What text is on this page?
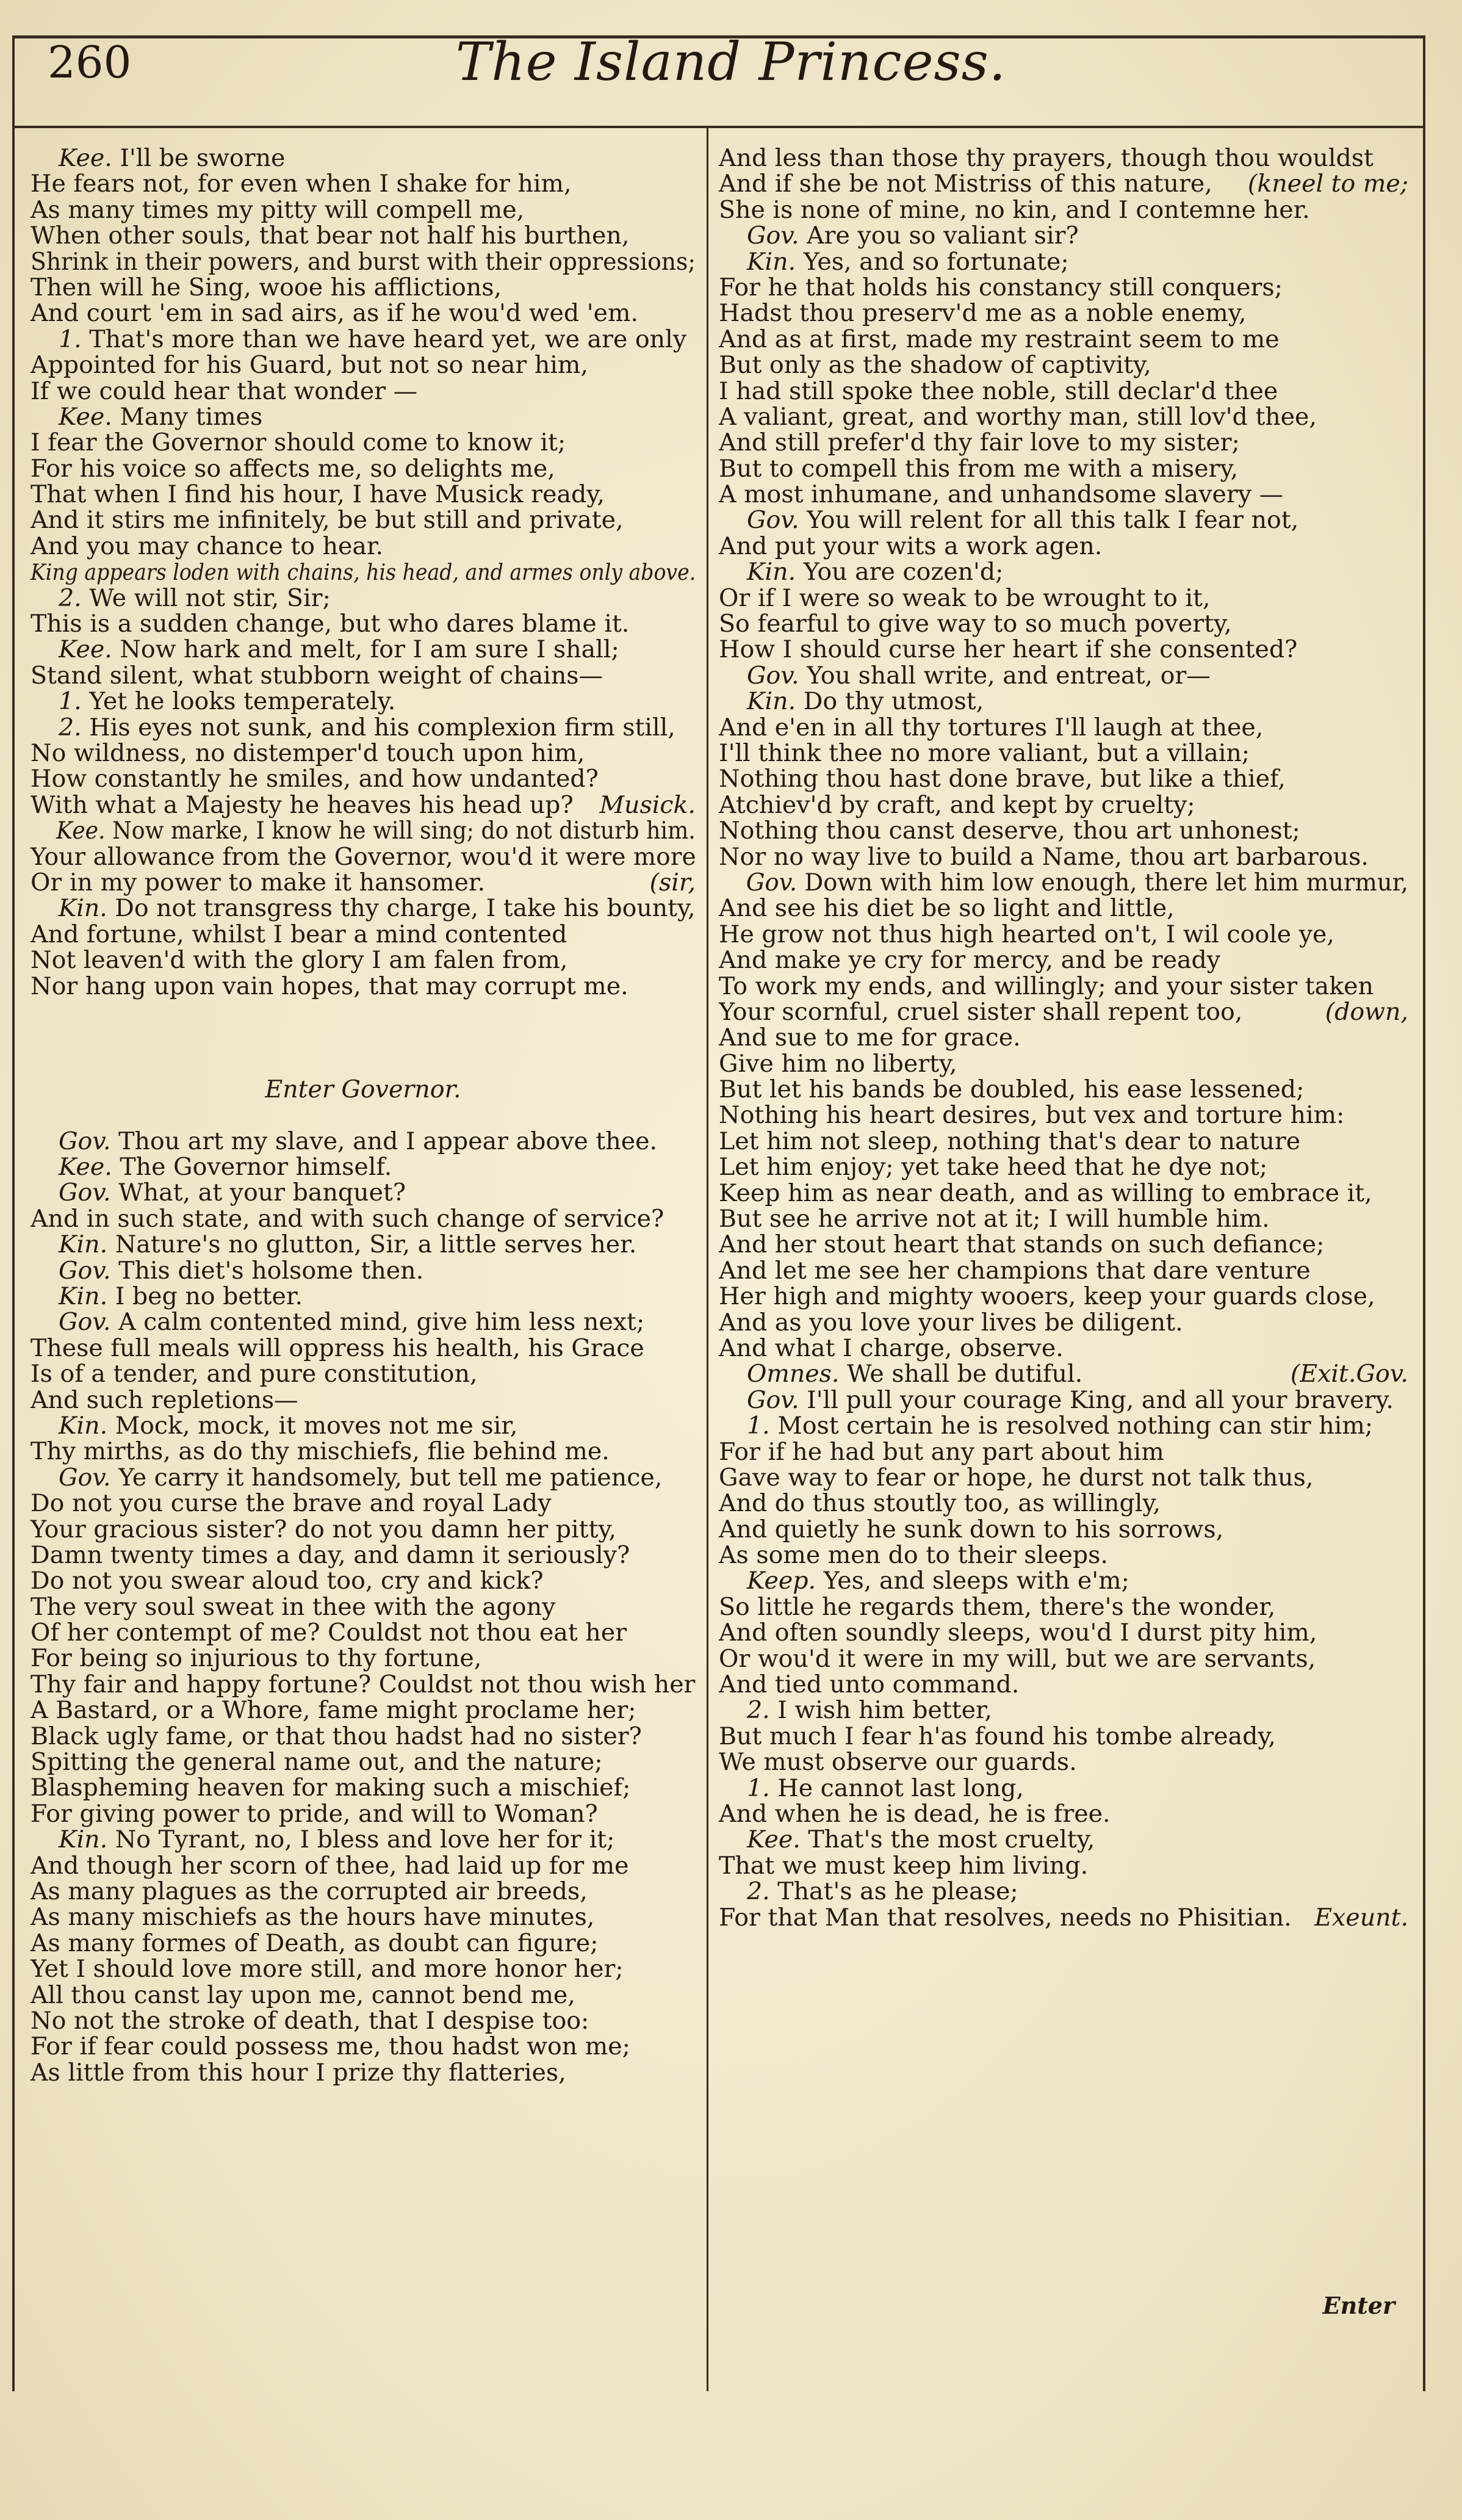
260	The Island Princess.
Kee. I'll be sworne
He fears not, for even when I shake for him,
As many times my pitty will compell me,
When other souls, that bear not half his burthen,
Shrink in their powers, and burst with their oppressions;
Then will he Sing, wooe his afflictions,
And court 'em in sad airs, as if he wou'd wed 'em.
1. That's more than we have heard yet, we are only
Appointed for his Guard, but not so near him,
If we could hear that wonder —
Kee. Many times
I fear the Governor should come to know it;
For his voice so affects me, so delights me,
That when I find his hour, I have Musick ready,
And it stirs me infinitely, be but still and private,
And you may chance to hear.
King appears loden with chains, his head, and armes only above.
2. We will not stir, Sir;
This is a sudden change, but who dares blame it.
Kee. Now hark and melt, for I am sure I shall;
Stand silent, what stubborn weight of chains—
1. Yet he looks temperately.
2. His eyes not sunk, and his complexion firm still,
No wildness, no distemper'd touch upon him,
How constantly he smiles, and how undanted?
With what a Majesty he heaves his head up? Musick.
Kee. Now marke, I know he will sing; do not disturb him.
Your allowance from the Governor, wou'd it were more
Or in my power to make it hansomer.	(sir,
Kin. Do not transgress thy charge, I take his bounty,
And fortune, whilst I bear a mind contented
Not leaven'd with the glory I am falen from,
Nor hang upon vain hopes, that may corrupt me.
Enter Governor.
Gov. Thou art my slave, and I appear above thee.
Kee. The Governor himself.
Gov. What, at your banquet?
And in such state, and with such change of service?
Kin. Nature's no glutton, Sir, a little serves her.
Gov. This diet's holsome then.
Kin. I beg no better.
Gov. A calm contented mind, give him less next;
These full meals will oppress his health, his Grace
Is of a tender, and pure constitution,
And such repletions—
Kin. Mock, mock, it moves not me sir,
Thy mirths, as do thy mischiefs, flie behind me.
Gov. Ye carry it handsomely, but tell me patience,
Do not you curse the brave and royal Lady
Your gracious sister? do not you damn her pitty,
Damn twenty times a day, and damn it seriously?
Do not you swear aloud too, cry and kick?
The very soul sweat in thee with the agony
Of her contempt of me? Couldst not thou eat her
For being so injurious to thy fortune,
Thy fair and happy fortune? Couldst not thou wish her
A Bastard, or a Whore, fame might proclame her;
Black ugly fame, or that thou hadst had no sister?
Spitting the general name out, and the nature;
Blaspheming heaven for making such a mischief;
For giving power to pride, and will to Woman?
Kin. No Tyrant, no, I bless and love her for it;
And though her scorn of thee, had laid up for me
As many plagues as the corrupted air breeds,
As many mischiefs as the hours have minutes,
As many formes of Death, as doubt can figure;
Yet I should love more still, and more honor her;
All thou canst lay upon me, cannot bend me,
No not the stroke of death, that I despise too:
For if fear could possess me, thou hadst won me;
As little from this hour I prize thy flatteries,
And less than those thy prayers, though thou wouldst
And if she be not Mistriss of this nature, (kneel to me;
She is none of mine, no kin, and I contemne her.
Gov. Are you so valiant sir?
Kin. Yes, and so fortunate;
For he that holds his constancy still conquers;
Hadst thou preserv'd me as a noble enemy,
And as at first, made my restraint seem to me
But only as the shadow of captivity,
I had still spoke thee noble, still declar'd thee
A valiant, great, and worthy man, still lov'd thee,
And still prefer'd thy fair love to my sister;
But to compell this from me with a misery,
A most inhumane, and unhandsome slavery —
Gov. You will relent for all this talk I fear not,
And put your wits a work agen.
Kin. You are cozen'd;
Or if I were so weak to be wrought to it,
So fearful to give way to so much poverty,
How I should curse her heart if she consented?
Gov. You shall write, and entreat, or—
Kin. Do thy utmost,
And e'en in all thy tortures I'll laugh at thee,
I'll think thee no more valiant, but a villain;
Nothing thou hast done brave, but like a thief,
Atchiev'd by craft, and kept by cruelty;
Nothing thou canst deserve, thou art unhonest;
Nor no way live to build a Name, thou art barbarous.
Gov. Down with him low enough, there let him murmur,
And see his diet be so light and little,
He grow not thus high hearted on't, I wil coole ye,
And make ye cry for mercy, and be ready
To work my ends, and willingly; and your sister taken
Your scornful, cruel sister shall repent too,	(down,
And sue to me for grace.
Give him no liberty,
But let his bands be doubled, his ease lessened;
Nothing his heart desires, but vex and torture him:
Let him not sleep, nothing that's dear to nature
Let him enjoy; yet take heed that he dye not;
Keep him as near death, and as willing to embrace it,
But see he arrive not at it; I will humble him.
And her stout heart that stands on such defiance;
And let me see her champions that dare venture
Her high and mighty wooers, keep your guards close,
And as you love your lives be diligent.
And what I charge, observe.
Omnes. We shall be dutiful.	(Exit.Gov.
Gov. I'll pull your courage King, and all your bravery.
1. Most certain he is resolved nothing can stir him;
For if he had but any part about him
Gave way to fear or hope, he durst not talk thus,
And do thus stoutly too, as willingly,
And quietly he sunk down to his sorrows,
As some men do to their sleeps.
Keep. Yes, and sleeps with e'm;
So little he regards them, there's the wonder,
And often soundly sleeps, wou'd I durst pity him,
Or wou'd it were in my will, but we are servants,
And tied unto command.
2. I wish him better,
But much I fear h'as found his tombe already,
We must observe our guards.
1. He cannot last long,
And when he is dead, he is free.
Kee. That's the most cruelty,
That we must keep him living.
2. That's as he please;
For that Man that resolves, needs no Phisitian. Exeunt.
Enter
